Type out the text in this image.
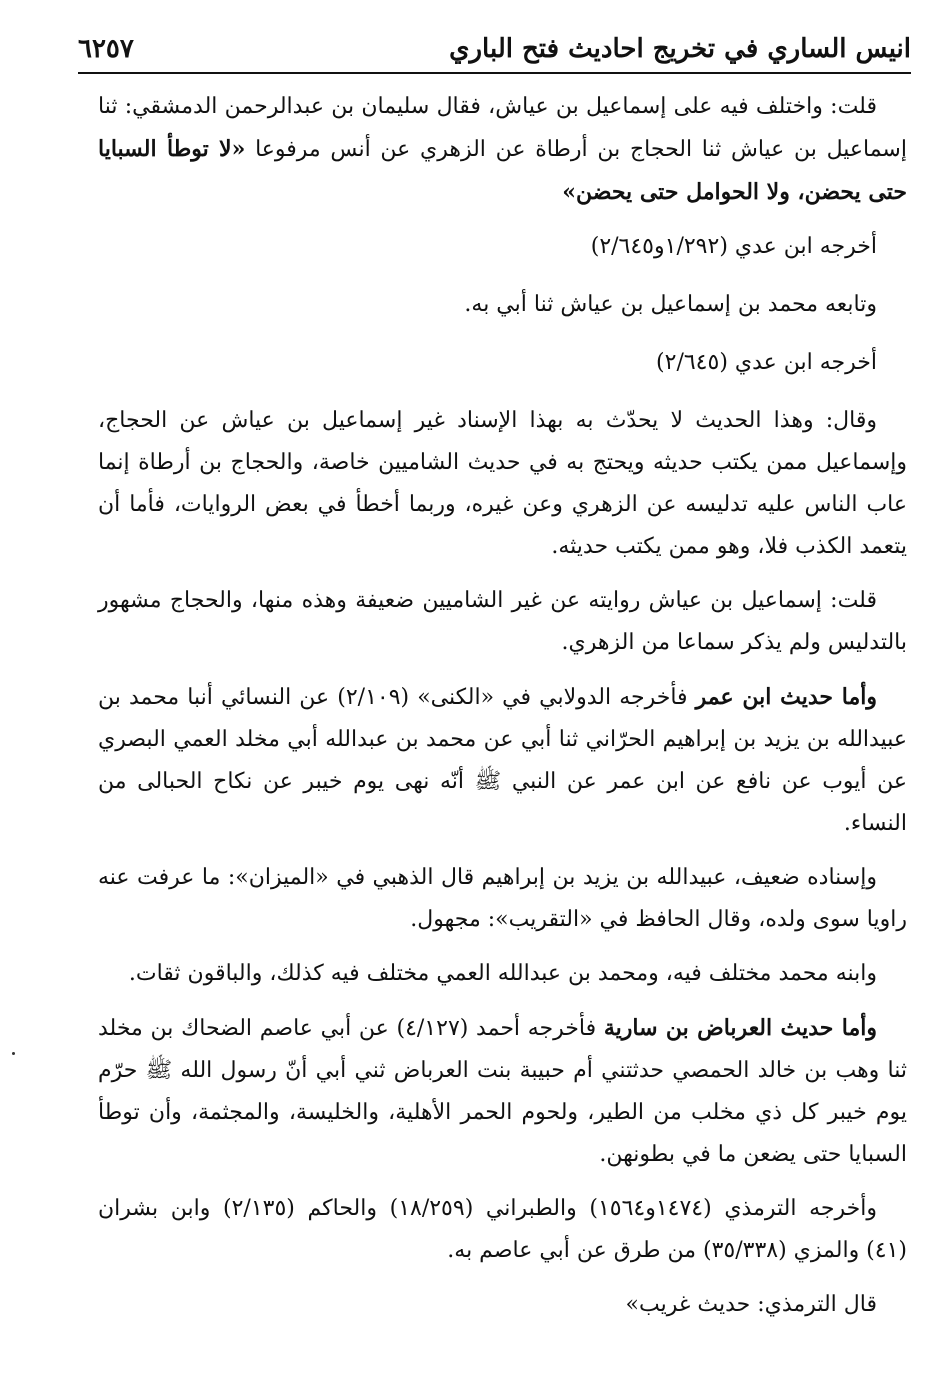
انيس الساري في تخريج احاديث فتح الباري
٦٢٥٧

قلت: واختلف فيه على إسماعيل بن عياش، فقال سليمان بن عبدالرحمن الدمشقي: ثنا إسماعيل بن عياش ثنا الحجاج بن أرطاة عن الزهري عن أنس مرفوعا «لا توطأ السبايا حتى يحضن، ولا الحوامل حتى يحضن»

أخرجه ابن عدي (١/٢٩٢و٢/٦٤٥)

وتابعه محمد بن إسماعيل بن عياش ثنا أبي به.

أخرجه ابن عدي (٢/٦٤٥)

وقال: وهذا الحديث لا يحدّث به بهذا الإسناد غير إسماعيل بن عياش عن الحجاج، وإسماعيل ممن يكتب حديثه ويحتج به في حديث الشاميين خاصة، والحجاج بن أرطاة إنما عاب الناس عليه تدليسه عن الزهري وعن غيره، وربما أخطأ في بعض الروايات، فأما أن يتعمد الكذب فلا، وهو ممن يكتب حديثه.

قلت: إسماعيل بن عياش روايته عن غير الشاميين ضعيفة وهذه منها، والحجاج مشهور بالتدليس ولم يذكر سماعا من الزهري.

وأما حديث ابن عمر فأخرجه الدولابي في «الكنى» (٢/١٠٩) عن النسائي أنبا محمد بن عبيدالله بن يزيد بن إبراهيم الحرّاني ثنا أبي عن محمد بن عبدالله أبي مخلد العمي البصري عن أيوب عن نافع عن ابن عمر عن النبي ﷺ أنّه نهى يوم خيبر عن نكاح الحبالى من النساء.

وإسناده ضعيف، عبيدالله بن يزيد بن إبراهيم قال الذهبي في «الميزان»: ما عرفت عنه راويا سوى ولده، وقال الحافظ في «التقريب»: مجهول.

وابنه محمد مختلف فيه، ومحمد بن عبدالله العمي مختلف فيه كذلك، والباقون ثقات.

وأما حديث العرباض بن سارية فأخرجه أحمد (٤/١٢٧) عن أبي عاصم الضحاك بن مخلد ثنا وهب بن خالد الحمصي حدثتني أم حبيبة بنت العرباض ثني أبي أنّ رسول الله ﷺ حرّم يوم خيبر كل ذي مخلب من الطير، ولحوم الحمر الأهلية، والخليسة، والمجثمة، وأن توطأ السبايا حتى يضعن ما في بطونهن.

وأخرجه الترمذي (١٤٧٤و١٥٦٤) والطبراني (١٨/٢٥٩) والحاكم (٢/١٣٥) وابن بشران (٤١) والمزي (٣٥/٣٣٨) من طرق عن أبي عاصم به.

قال الترمذي: حديث غريب»
